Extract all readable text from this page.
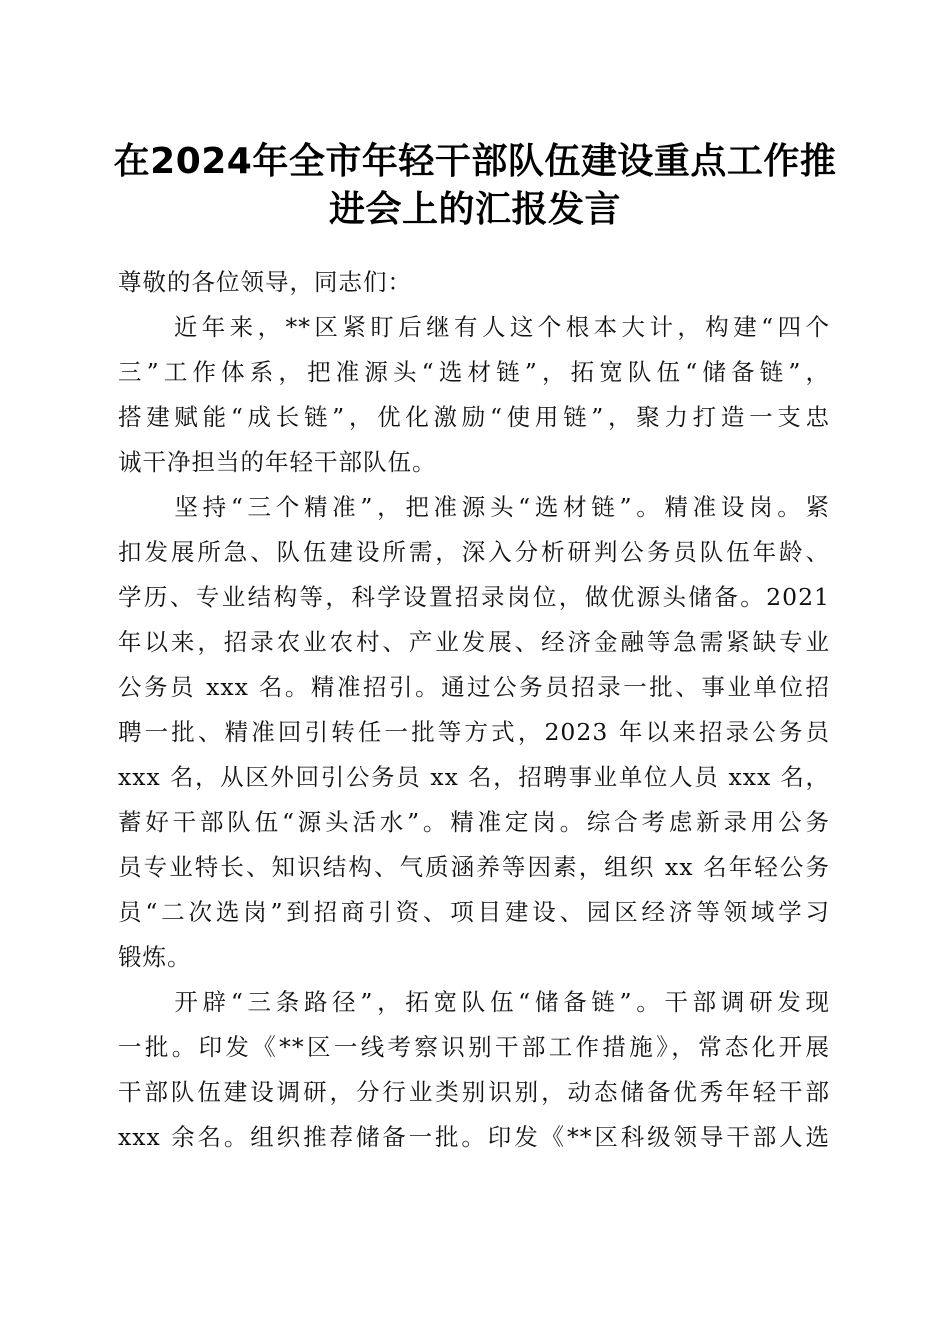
在2024年全市年轻干部队伍建设重点工作推
进会上的汇报发言
尊敬的各位领导，同志们：
　　近年来，**区紧盯后继有人这个根本大计，构建“四个
三”工作体系，把准源头“选材链”，拓宽队伍“储备链”，
搭建赋能“成长链”，优化激励“使用链”，聚力打造一支忠
诚干净担当的年轻干部队伍。
　　坚持“三个精准”，把准源头“选材链”。精准设岗。紧
扣发展所急、队伍建设所需，深入分析研判公务员队伍年龄、
学历、专业结构等，科学设置招录岗位，做优源头储备。2021
年以来，招录农业农村、产业发展、经济金融等急需紧缺专业
公务员 xxx 名。精准招引。通过公务员招录一批、事业单位招
聘一批、精准回引转任一批等方式，2023 年以来招录公务员
xxx 名，从区外回引公务员 xx 名，招聘事业单位人员 xxx 名，
蓄好干部队伍“源头活水”。精准定岗。综合考虑新录用公务
员专业特长、知识结构、气质涵养等因素，组织 xx 名年轻公务
员“二次选岗”到招商引资、项目建设、园区经济等领域学习
锻炼。
　　开辟“三条路径”，拓宽队伍“储备链”。干部调研发现
一批。印发《**区一线考察识别干部工作措施》，常态化开展
干部队伍建设调研，分行业类别识别，动态储备优秀年轻干部
xxx 余名。组织推荐储备一批。印发《**区科级领导干部人选
